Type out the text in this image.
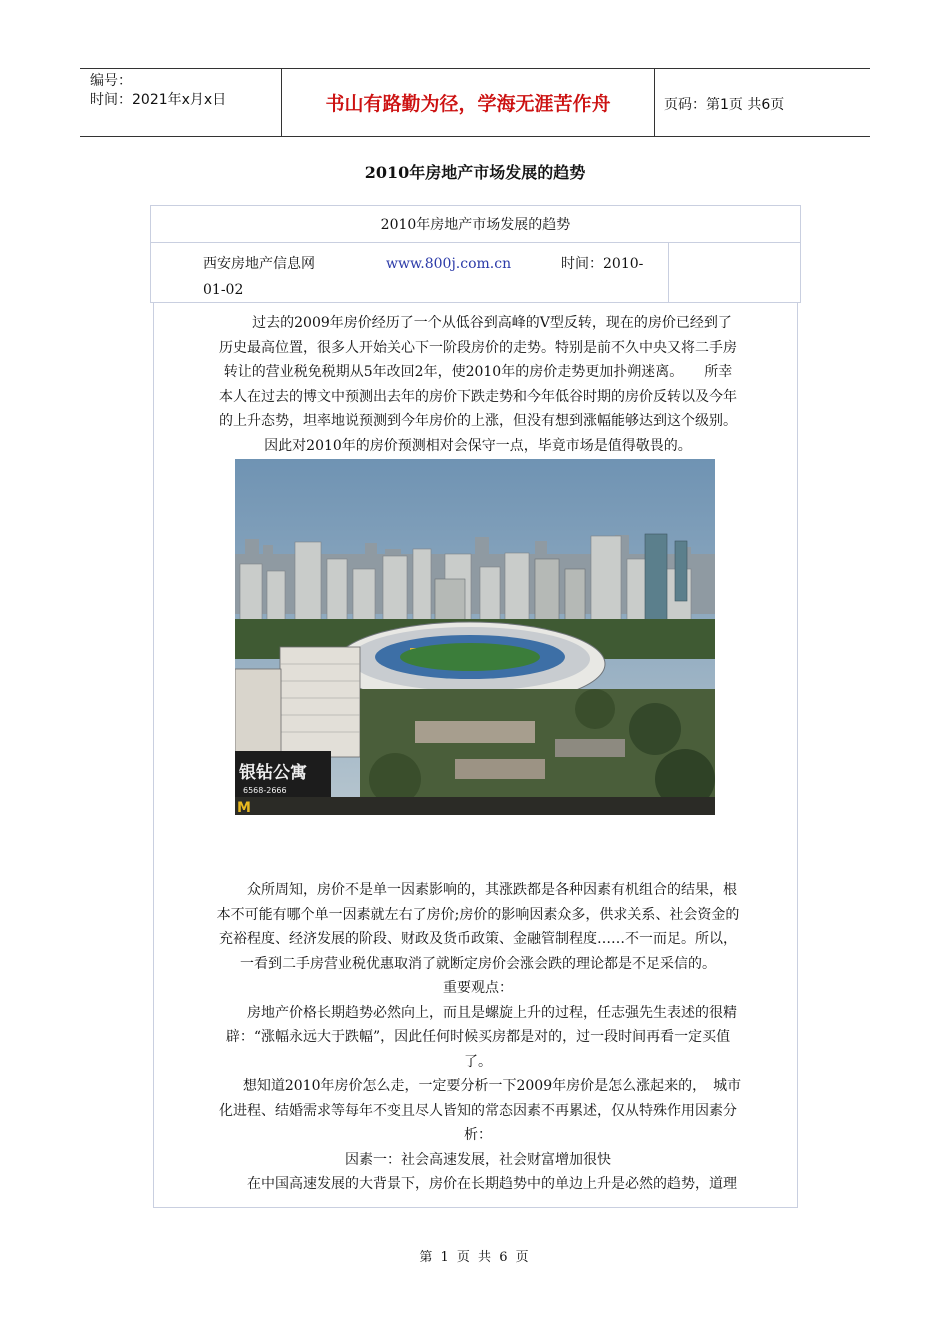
编号：
时间：2021年x月x日	书山有路勤为径，学海无涯苦作舟	页码：第1页 共6页
2010年房地产市场发展的趋势
2010年房地产市场发展的趋势
西安房地产信息网	www.800j.com.cn	时间：2010-
01-02
　　过去的2009年房价经历了一个从低谷到高峰的V型反转，现在的房价已经到了
历史最高位置，很多人开始关心下一阶段房价的走势。特别是前不久中央又将二手房
转让的营业税免税期从5年改回2年，使2010年的房价走势更加扑朔迷离。　　所幸
本人在过去的博文中预测出去年的房价下跌走势和今年低谷时期的房价反转以及今年
的上升态势，坦率地说预测到今年房价的上涨，但没有想到涨幅能够达到这个级别。
因此对2010年的房价预测相对会保守一点，毕竟市场是值得敬畏的。
银钻公寓
6568-2666
M
　　众所周知，房价不是单一因素影响的，其涨跌都是各种因素有机组合的结果，根
本不可能有哪个单一因素就左右了房价;房价的影响因素众多，供求关系、社会资金的
充裕程度、经济发展的阶段、财政及货币政策、金融管制程度……不一而足。所以，
一看到二手房营业税优惠取消了就断定房价会涨会跌的理论都是不足采信的。
重要观点：
　　房地产价格长期趋势必然向上，而且是螺旋上升的过程，任志强先生表述的很精
辟：“涨幅永远大于跌幅”，因此任何时候买房都是对的，过一段时间再看一定买值
了。
　　想知道2010年房价怎么走，一定要分析一下2009年房价是怎么涨起来的，　城市
化进程、结婚需求等每年不变且尽人皆知的常态因素不再累述，仅从特殊作用因素分
析：
因素一：社会高速发展，社会财富增加很快
　　在中国高速发展的大背景下，房价在长期趋势中的单边上升是必然的趋势，道理
第 1 页 共 6 页
